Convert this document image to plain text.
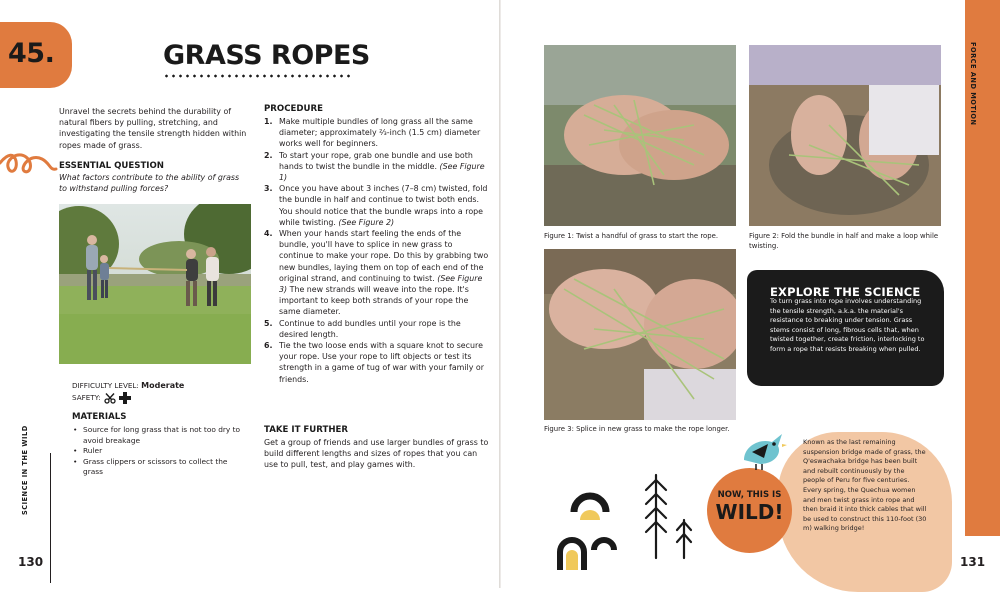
45.	GRASS ROPES
Unravel the secrets behind the durability of natural fibers by pulling, stretching, and investigating the tensile strength hidden within ropes made of grass.
ESSENTIAL QUESTION
What factors contribute to the ability of grass to withstand pulling forces?
DIFFICULTY LEVEL: Moderate
SAFETY:
MATERIALS
• Source for long grass that is not too dry to avoid breakage
• Ruler
• Grass clippers or scissors to collect the grass
SCIENCE IN THE WILD
130
PROCEDURE
1. Make multiple bundles of long grass all the same diameter; approximately ⅔-inch (1.5 cm) diameter works well for beginners.
2. To start your rope, grab one bundle and use both hands to twist the bundle in the middle. (See Figure 1)
3. Once you have about 3 inches (7–8 cm) twisted, fold the bundle in half and continue to twist both ends. You should notice that the bundle wraps into a rope while twisting. (See Figure 2)
4. When your hands start feeling the ends of the bundle, you'll have to splice in new grass to continue to make your rope. Do this by grabbing two new bundles, laying them on top of each end of the original strand, and continuing to twist. (See Figure 3) The new strands will weave into the rope. It's important to keep both strands of your rope the same diameter.
5. Continue to add bundles until your rope is the desired length.
6. Tie the two loose ends with a square knot to secure your rope. Use your rope to lift objects or test its strength in a game of tug of war with your family or friends.
TAKE IT FURTHER
Get a group of friends and use larger bundles of grass to build different lengths and sizes of ropes that you can use to pull, test, and play games with.
Figure 1: Twist a handful of grass to start the rope.	Figure 2: Fold the bundle in half and make a loop while twisting.
Figure 3: Splice in new grass to make the rope longer.
EXPLORE THE SCIENCE
To turn grass into rope involves understanding the tensile strength, a.k.a. the material's resistance to breaking under tension. Grass stems consist of long, fibrous cells that, when twisted together, create friction, interlocking to form a rope that resists breaking when pulled.
FORCE AND MOTION
131
Known as the last remaining suspension bridge made of grass, the Q'eswachaka bridge has been built and rebuilt continuously by the people of Peru for five centuries. Every spring, the Quechua women and men twist grass into rope and then braid it into thick cables that will be used to construct this 110-foot (30 m) walking bridge!
NOW, THIS IS
WILD!
